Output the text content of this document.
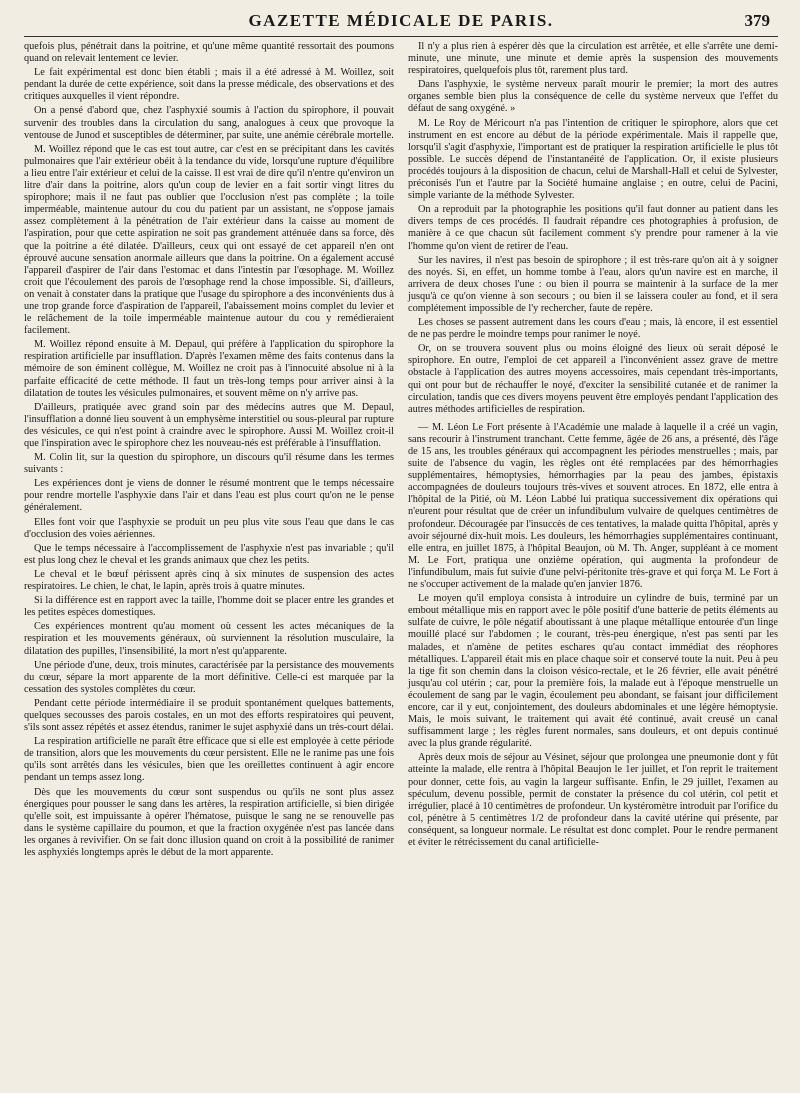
GAZETTE MÉDICALE DE PARIS.	379

quefois plus, pénétrait dans la poitrine, et qu'une même quantité ressortait des poumons quand on relevait lentement ce levier.

Le fait expérimental est donc bien établi ; mais il a été adressé à M. Woillez, soit pendant la durée de cette expérience, soit dans la presse médicale, des observations et des critiques auxquelles il vient répondre.

On a pensé d'abord que, chez l'asphyxié soumis à l'action du spirophore, il pouvait survenir des troubles dans la circulation du sang, analogues à ceux que provoque la ventouse de Junod et susceptibles de déterminer, par suite, une anémie cérébrale mortelle.

M. Woillez répond que le cas est tout autre, car c'est en se précipitant dans les cavités pulmonaires que l'air extérieur obéit à la tendance du vide, lorsqu'une rupture d'équilibre a lieu entre l'air extérieur et celui de la caisse. Il est vrai de dire qu'il n'entre qu'environ un litre d'air dans la poitrine, alors qu'un coup de levier en a fait sortir vingt litres du spirophore; mais il ne faut pas oublier que l'occlusion n'est pas complète ; la toile imperméable, maintenue autour du cou du patient par un assistant, ne s'oppose jamais assez complètement à la pénétration de l'air extérieur dans la caisse au moment de l'aspiration, pour que cette aspiration ne soit pas grandement atténuée dans sa force, dès que la poitrine a été dilatée. D'ailleurs, ceux qui ont essayé de cet appareil n'en ont éprouvé aucune sensation anormale ailleurs que dans la poitrine. On a également accusé l'appareil d'aspirer de l'air dans l'estomac et dans l'intestin par l'œsophage. M. Woillez croit que l'écoulement des parois de l'œsophage rend la chose impossible. Si, d'ailleurs, on venait à constater dans la pratique que l'usage du spirophore a des inconvénients dus à une trop grande force d'aspiration de l'appareil, l'abaissement moins complet du levier et le relâchement de la toile imperméable maintenue autour du cou y remédieraient facilement.

M. Woillez répond ensuite à M. Depaul, qui préfère à l'application du spirophore la respiration artificielle par insufflation. D'après l'examen même des faits contenus dans la mémoire de son éminent collègue, M. Woillez ne croit pas à l'innocuité absolue ni à la parfaite efficacité de cette méthode. Il faut un très-long temps pour arriver ainsi à la dilatation de toutes les vésicules pulmonaires, et souvent même on n'y arrive pas.

D'ailleurs, pratiquée avec grand soin par des médecins autres que M. Depaul, l'insufflation a donné lieu souvent à un emphysème interstitiel ou sous-pleural par rupture des vésicules, ce qui n'est point à craindre avec le spirophore. Aussi M. Woillez croit-il que l'inspiration avec le spirophore chez les nouveau-nés est préférable à l'insufflation.

M. Colin lit, sur la question du spirophore, un discours qu'il résume dans les termes suivants :

Les expériences dont je viens de donner le résumé montrent que le temps nécessaire pour rendre mortelle l'asphyxie dans l'air et dans l'eau est plus court qu'on ne le pense généralement.

Elles font voir que l'asphyxie se produit un peu plus vite sous l'eau que dans le cas d'occlusion des voies aériennes.

Que le temps nécessaire à l'accomplissement de l'asphyxie n'est pas invariable ; qu'il est plus long chez le cheval et les grands animaux que chez les petits.

Le cheval et le bœuf périssent après cinq à six minutes de suspension des actes respiratoires. Le chien, le chat, le lapin, après trois à quatre minutes.

Si la différence est en rapport avec la taille, l'homme doit se placer entre les grandes et les petites espèces domestiques.

Ces expériences montrent qu'au moment où cessent les actes mécaniques de la respiration et les mouvements généraux, où surviennent la résolution musculaire, la dilatation des pupilles, l'insensibilité, la mort n'est qu'apparente.

Une période d'une, deux, trois minutes, caractérisée par la persistance des mouvements du cœur, sépare la mort apparente de la mort définitive. Celle-ci est marquée par la cessation des systoles complètes du cœur.

Pendant cette période intermédiaire il se produit spontanément quelques battements, quelques secousses des parois costales, en un mot des efforts respiratoires qui peuvent, s'ils sont assez répétés et assez étendus, ranimer le sujet asphyxié dans un très-court délai.

La respiration artificielle ne paraît être efficace que si elle est employée à cette période de transition, alors que les mouvements du cœur persistent. Elle ne le ranime pas une fois qu'ils sont arrêtés dans les vésicules, bien que les oreillettes continuent à agir encore pendant un temps assez long.

Dès que les mouvements du cœur sont suspendus ou qu'ils ne sont plus assez énergiques pour pousser le sang dans les artères, la respiration artificielle, si bien dirigée qu'elle soit, est impuissante à opérer l'hématose, puisque le sang ne se renouvelle pas dans le système capillaire du poumon, et que la fraction oxygénée n'est pas lancée dans les organes à revivifier. On se fait donc illusion quand on croit à la possibilité de ranimer les asphyxiés longtemps après le début de la mort apparente.

Il n'y a plus rien à espérer dès que la circulation est arrêtée, et elle s'arrête une demi-minute, une minute, une minute et demie après la suspension des mouvements respiratoires, quelquefois plus tôt, rarement plus tard.

Dans l'asphyxie, le système nerveux paraît mourir le premier; la mort des autres organes semble bien plus la conséquence de celle du système nerveux que l'effet du défaut de sang oxygéné. »

M. Le Roy de Méricourt n'a pas l'intention de critiquer le spirophore, alors que cet instrument en est encore au début de la période expérimentale. Mais il rappelle que, lorsqu'il s'agit d'asphyxie, l'important est de pratiquer la respiration artificielle le plus tôt possible. Le succès dépend de l'instantanéité de l'application. Or, il existe plusieurs procédés toujours à la disposition de chacun, celui de Marshall-Hall et celui de Sylvester, préconisés l'un et l'autre par la Société humaine anglaise ; en outre, celui de Pacini, simple variante de la méthode Sylvester.

On a reproduit par la photographie les positions qu'il faut donner au patient dans les divers temps de ces procédés. Il faudrait répandre ces photographies à profusion, de manière à ce que chacun sût facilement comment s'y prendre pour ramener à la vie l'homme qu'on vient de retirer de l'eau.

Sur les navires, il n'est pas besoin de spirophore ; il est très-rare qu'on ait à y soigner des noyés. Si, en effet, un homme tombe à l'eau, alors qu'un navire est en marche, il arrivera de deux choses l'une : ou bien il pourra se maintenir à la surface de la mer jusqu'à ce qu'on vienne à son secours ; ou bien il se laissera couler au fond, et il sera complétement impossible de l'y rechercher, faute de repère.

Les choses se passent autrement dans les cours d'eau ; mais, là encore, il est essentiel de ne pas perdre le moindre temps pour ranimer le noyé.

Or, on se trouvera souvent plus ou moins éloigné des lieux où serait déposé le spirophore. En outre, l'emploi de cet appareil a l'inconvénient assez grave de mettre obstacle à l'application des autres moyens accessoires, mais cependant très-importants, qui ont pour but de réchauffer le noyé, d'exciter la sensibilité cutanée et de ranimer la circulation, tandis que ces divers moyens peuvent être employés pendant l'application des autres méthodes artificielles de respiration.

— M. Léon Le Fort présente à l'Académie une malade à laquelle il a créé un vagin, sans recourir à l'instrument tranchant. Cette femme, âgée de 26 ans, a présenté, dès l'âge de 15 ans, les troubles généraux qui accompagnent les périodes menstruelles ; mais, par suite de l'absence du vagin, les règles ont été remplacées par des hémorrhagies supplémentaires, hémoptysies, hémorrhagies par la peau des jambes, épistaxis accompagnées de douleurs toujours très-vives et souvent atroces. En 1872, elle entra à l'hôpital de la Pitié, où M. Léon Labbé lui pratiqua successivement dix opérations qui n'eurent pour résultat que de créer un infundibulum vulvaire de quelques centimètres de profondeur. Découragée par l'insuccès de ces tentatives, la malade quitta l'hôpital, après y avoir séjourné dix-huit mois. Les douleurs, les hémorrhagies supplémentaires continuant, elle entra, en juillet 1875, à l'hôpital Beaujon, où M. Th. Anger, suppléant à ce moment M. Le Fort, pratiqua une onzième opération, qui augmenta la profondeur de l'infundibulum, mais fut suivie d'une pelvi-péritonite très-grave et qui força M. Le Fort à ne s'occuper activement de la malade qu'en janvier 1876.

Le moyen qu'il employa consista à introduire un cylindre de buis, terminé par un embout métallique mis en rapport avec le pôle positif d'une batterie de petits éléments au sulfate de cuivre, le pôle négatif aboutissant à une plaque métallique entourée d'un linge mouillé placé sur l'abdomen ; le courant, très-peu énergique, n'est pas senti par les malades, et n'amène de petites eschares qu'au contact immédiat des réophores métalliques. L'appareil était mis en place chaque soir et conservé toute la nuit. Peu à peu la tige fit son chemin dans la cloison vésico-rectale, et le 26 février, elle avait pénétré jusqu'au col utérin ; car, pour la première fois, la malade eut à l'époque menstruelle un écoulement de sang par le vagin, écoulement peu abondant, se faisant jour difficilement encore, car il y eut, conjointement, des douleurs abdominales et une légère hémoptysie. Mais, le mois suivant, le traitement qui avait été continué, avait creusé un canal suffisamment large ; les règles furent normales, sans douleurs, et ont depuis continué avec la plus grande régularité.

Après deux mois de séjour au Vésinet, séjour que prolongea une pneumonie dont y fût atteinte la malade, elle rentra à l'hôpital Beaujon le 1er juillet, et l'on reprit le traitement pour donner, cette fois, au vagin la largeur suffisante. Enfin, le 29 juillet, l'examen au spéculum, devenu possible, permit de constater la présence du col utérin, col petit et irrégulier, placé à 10 centimètres de profondeur. Un kystéromètre introduit par l'orifice du col, pénètre à 5 centimètres 1/2 de profondeur dans la cavité utérine qui présente, par conséquent, sa longueur normale. Le résultat est donc complet. Pour le rendre permanent et éviter le rétrécissement du canal artificielle-
